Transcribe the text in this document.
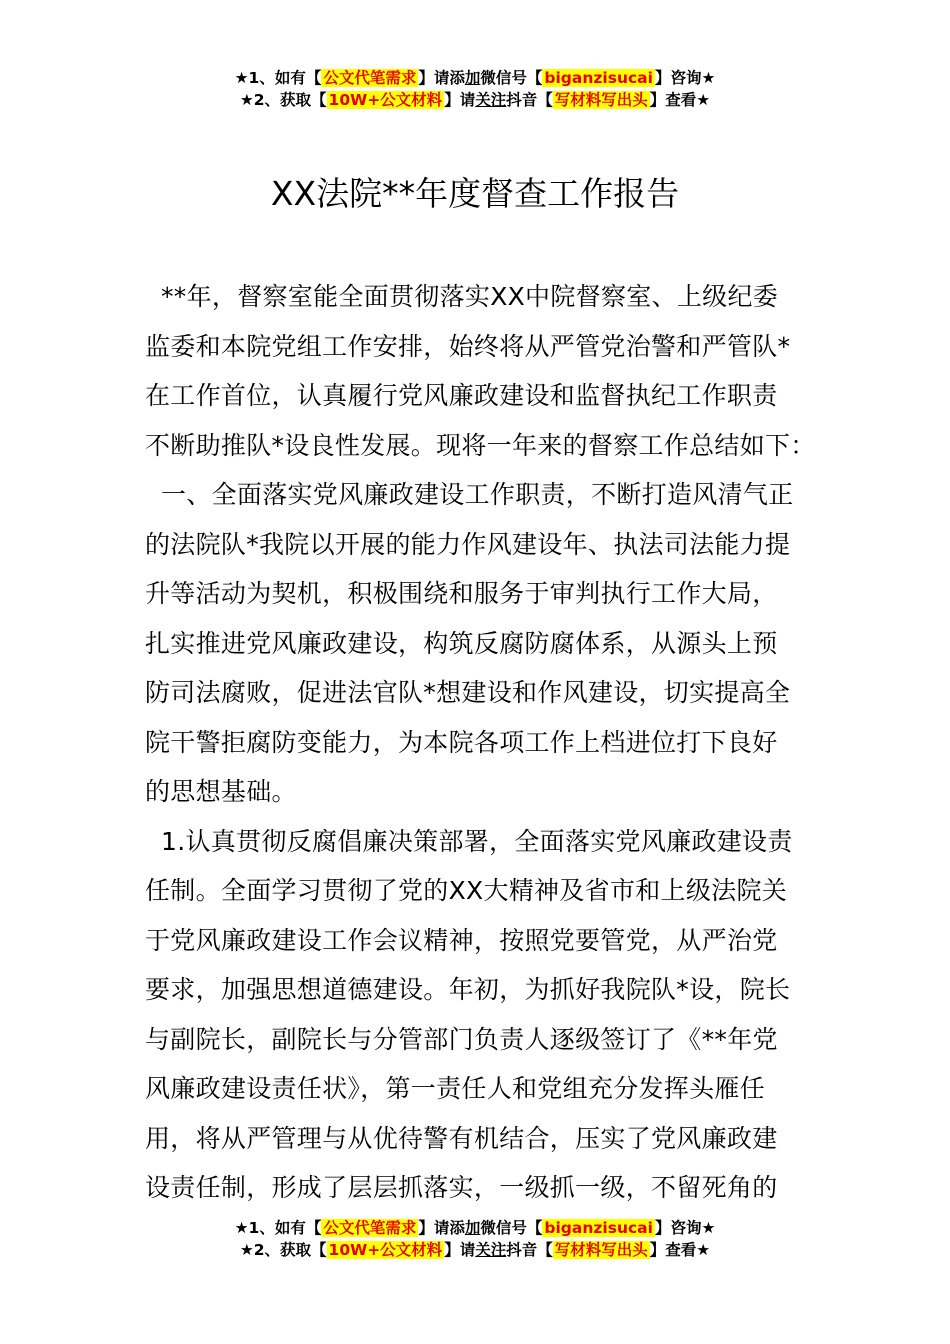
★1、如有【 公文代笔需求 】请添加微信号【 biganzisucai 】咨询★
★2、获取【 10W+公文材料 】请关注抖音【 写材料写出头 】查看★
XX法院**年度督查工作报告
**年，督察室能全面贯彻落实XX中院督察室、上级纪委
监委和本院党组工作安排，始终将从严管党治警和严管队*
在工作首位，认真履行党风廉政建设和监督执纪工作职责
不断助推队*设良性发展。现将一年来的督察工作总结如下：
一、全面落实党风廉政建设工作职责，不断打造风清气正
的法院队*我院以开展的能力作风建设年、执法司法能力提
升等活动为契机，积极围绕和服务于审判执行工作大局，
扎实推进党风廉政建设，构筑反腐防腐体系，从源头上预
防司法腐败，促进法官队*想建设和作风建设，切实提高全
院干警拒腐防变能力，为本院各项工作上档进位打下良好
的思想基础。
1.认真贯彻反腐倡廉决策部署，全面落实党风廉政建设责
任制。全面学习贯彻了党的XX大精神及省市和上级法院关
于党风廉政建设工作会议精神，按照党要管党，从严治党
要求，加强思想道德建设。年初，为抓好我院队*设，院长
与副院长，副院长与分管部门负责人逐级签订了《**年党
风廉政建设责任状》，第一责任人和党组充分发挥头雁任
用，将从严管理与从优待警有机结合，压实了党风廉政建
设责任制，形成了层层抓落实，一级抓一级，不留死角的
★1、如有【 公文代笔需求 】请添加微信号【 biganzisucai 】咨询★
★2、获取【 10W+公文材料 】请关注抖音【 写材料写出头 】查看★
